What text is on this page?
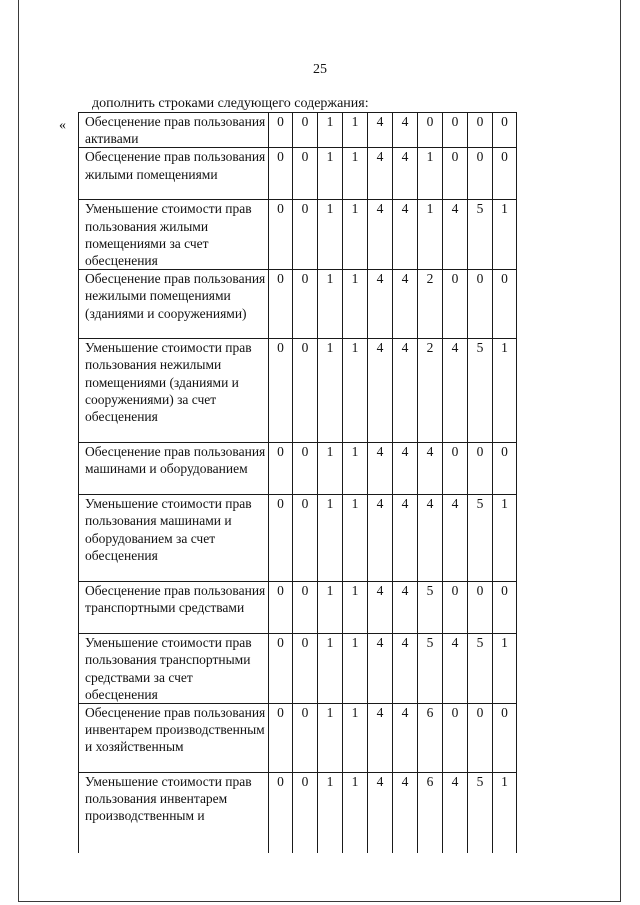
25
дополнить строками следующего содержания:
« Обесценение прав пользования активами	0	0	1	1	4	4	0	0	0	0
Обесценение прав пользования жилыми помещениями	0	0	1	1	4	4	1	0	0	0
Уменьшение стоимости прав пользования жилыми помещениями за счет обесценения	0	0	1	1	4	4	1	4	5	1
Обесценение прав пользования нежилыми помещениями (зданиями и сооружениями)	0	0	1	1	4	4	2	0	0	0
Уменьшение стоимости прав пользования нежилыми помещениями (зданиями и сооружениями) за счет обесценения	0	0	1	1	4	4	2	4	5	1
Обесценение прав пользования машинами и оборудованием	0	0	1	1	4	4	4	0	0	0
Уменьшение стоимости прав пользования машинами и оборудованием за счет обесценения	0	0	1	1	4	4	4	4	5	1
Обесценение прав пользования транспортными средствами	0	0	1	1	4	4	5	0	0	0
Уменьшение стоимости прав пользования транспортными средствами за счет обесценения	0	0	1	1	4	4	5	4	5	1
Обесценение прав пользования инвентарем производственным и хозяйственным	0	0	1	1	4	4	6	0	0	0
Уменьшение стоимости прав пользования инвентарем производственным и	0	0	1	1	4	4	6	4	5	1
